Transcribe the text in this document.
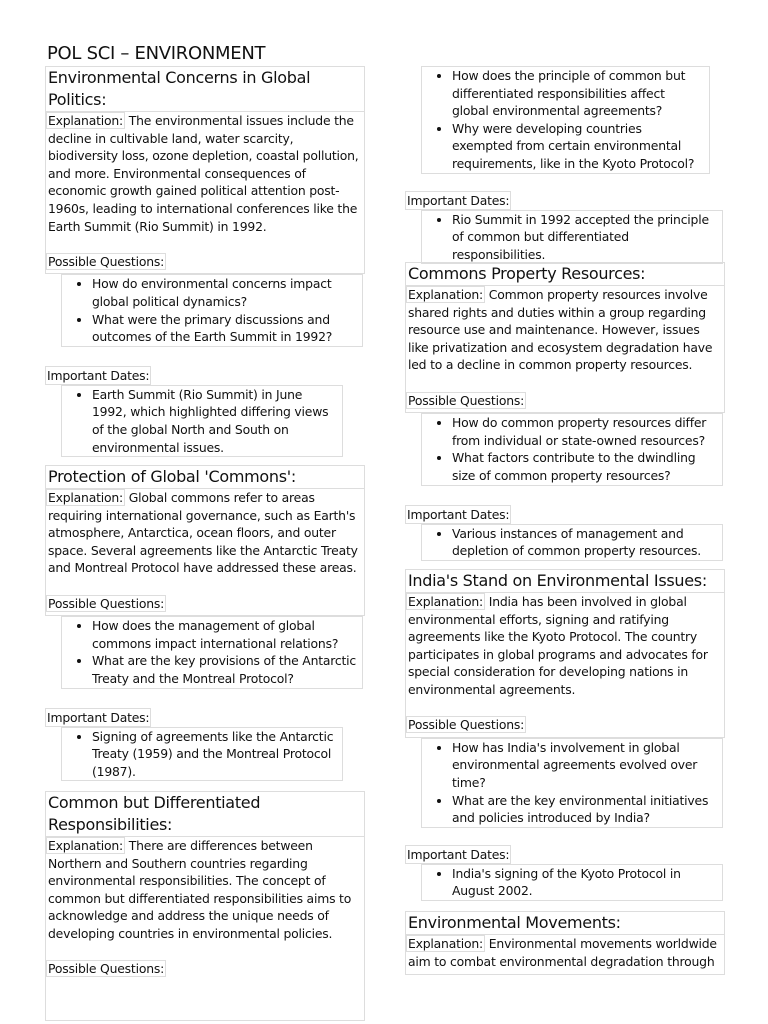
POL SCI – ENVIRONMENT
Environmental Concerns in Global Politics:
Explanation: The environmental issues include the decline in cultivable land, water scarcity, biodiversity loss, ozone depletion, coastal pollution, and more. Environmental consequences of economic growth gained political attention post-1960s, leading to international conferences like the Earth Summit (Rio Summit) in 1992.

Possible Questions:
• How do environmental concerns impact global political dynamics?
• What were the primary discussions and outcomes of the Earth Summit in 1992?
Important Dates:
• Earth Summit (Rio Summit) in June 1992, which highlighted differing views of the global North and South on environmental issues.
Protection of Global 'Commons':
Explanation: Global commons refer to areas requiring international governance, such as Earth's atmosphere, Antarctica, ocean floors, and outer space. Several agreements like the Antarctic Treaty and Montreal Protocol have addressed these areas.

Possible Questions:
• How does the management of global commons impact international relations?
• What are the key provisions of the Antarctic Treaty and the Montreal Protocol?
Important Dates:
• Signing of agreements like the Antarctic Treaty (1959) and the Montreal Protocol (1987).
Common but Differentiated Responsibilities:
Explanation: There are differences between Northern and Southern countries regarding environmental responsibilities. The concept of common but differentiated responsibilities aims to acknowledge and address the unique needs of developing countries in environmental policies.

Possible Questions:
• How does the principle of common but differentiated responsibilities affect global environmental agreements?
• Why were developing countries exempted from certain environmental requirements, like in the Kyoto Protocol?
Important Dates:
• Rio Summit in 1992 accepted the principle of common but differentiated responsibilities.
Commons Property Resources:
Explanation: Common property resources involve shared rights and duties within a group regarding resource use and maintenance. However, issues like privatization and ecosystem degradation have led to a decline in common property resources.

Possible Questions:
• How do common property resources differ from individual or state-owned resources?
• What factors contribute to the dwindling size of common property resources?
Important Dates:
• Various instances of management and depletion of common property resources.
India's Stand on Environmental Issues:
Explanation: India has been involved in global environmental efforts, signing and ratifying agreements like the Kyoto Protocol. The country participates in global programs and advocates for special consideration for developing nations in environmental agreements.

Possible Questions:
• How has India's involvement in global environmental agreements evolved over time?
• What are the key environmental initiatives and policies introduced by India?
Important Dates:
• India's signing of the Kyoto Protocol in August 2002.
Environmental Movements:
Explanation: Environmental movements worldwide aim to combat environmental degradation through
